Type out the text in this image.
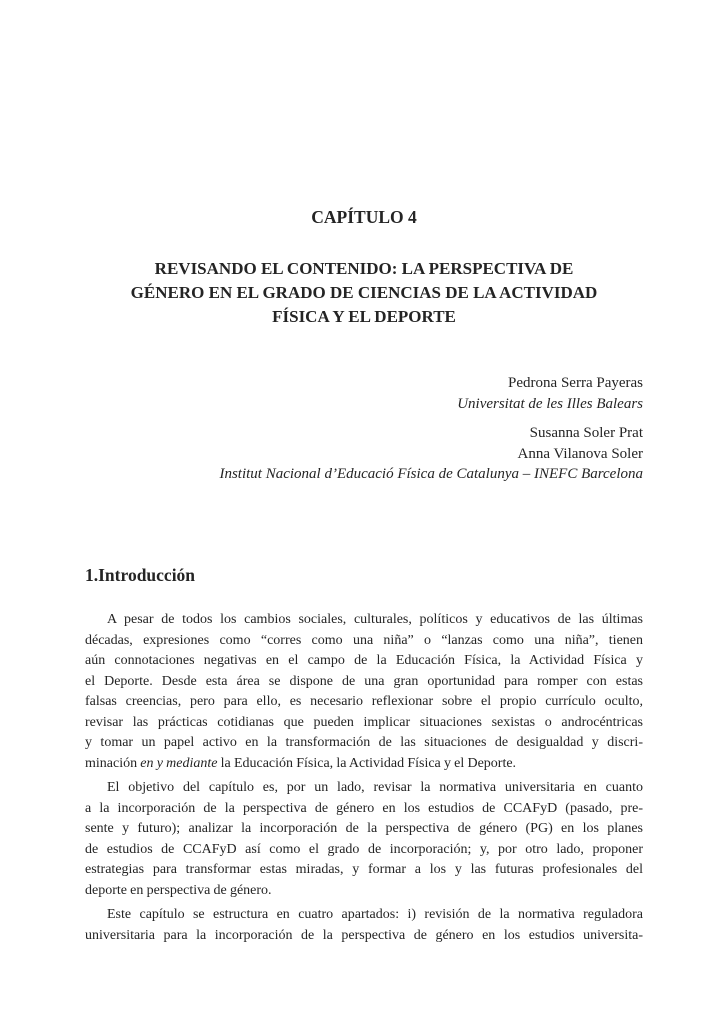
CAPÍTULO 4
REVISANDO EL CONTENIDO: LA PERSPECTIVA DE
GÉNERO EN EL GRADO DE CIENCIAS DE LA ACTIVIDAD
FÍSICA Y EL DEPORTE
Pedrona Serra Payeras
Universitat de les Illes Balears
Susanna Soler Prat
Anna Vilanova Soler
Institut Nacional d’Educació Física de Catalunya – INEFC Barcelona
1.Introducción
A pesar de todos los cambios sociales, culturales, políticos y educativos de las últimas
décadas, expresiones como “corres como una niña” o “lanzas como una niña”, tienen
aún connotaciones negativas en el campo de la Educación Física, la Actividad Física y
el Deporte. Desde esta área se dispone de una gran oportunidad para romper con estas
falsas creencias, pero para ello, es necesario reflexionar sobre el propio currículo oculto,
revisar las prácticas cotidianas que pueden implicar situaciones sexistas o androcéntricas
y tomar un papel activo en la transformación de las situaciones de desigualdad y discri-
minación en y mediante la Educación Física, la Actividad Física y el Deporte.
El objetivo del capítulo es, por un lado, revisar la normativa universitaria en cuanto
a la incorporación de la perspectiva de género en los estudios de CCAFyD (pasado, pre-
sente y futuro); analizar la incorporación de la perspectiva de género (PG) en los planes
de estudios de CCAFyD así como el grado de incorporación; y, por otro lado, proponer
estrategias para transformar estas miradas, y formar a los y las futuras profesionales del
deporte en perspectiva de género.
Este capítulo se estructura en cuatro apartados: i) revisión de la normativa reguladora
universitaria para la incorporación de la perspectiva de género en los estudios universita-
